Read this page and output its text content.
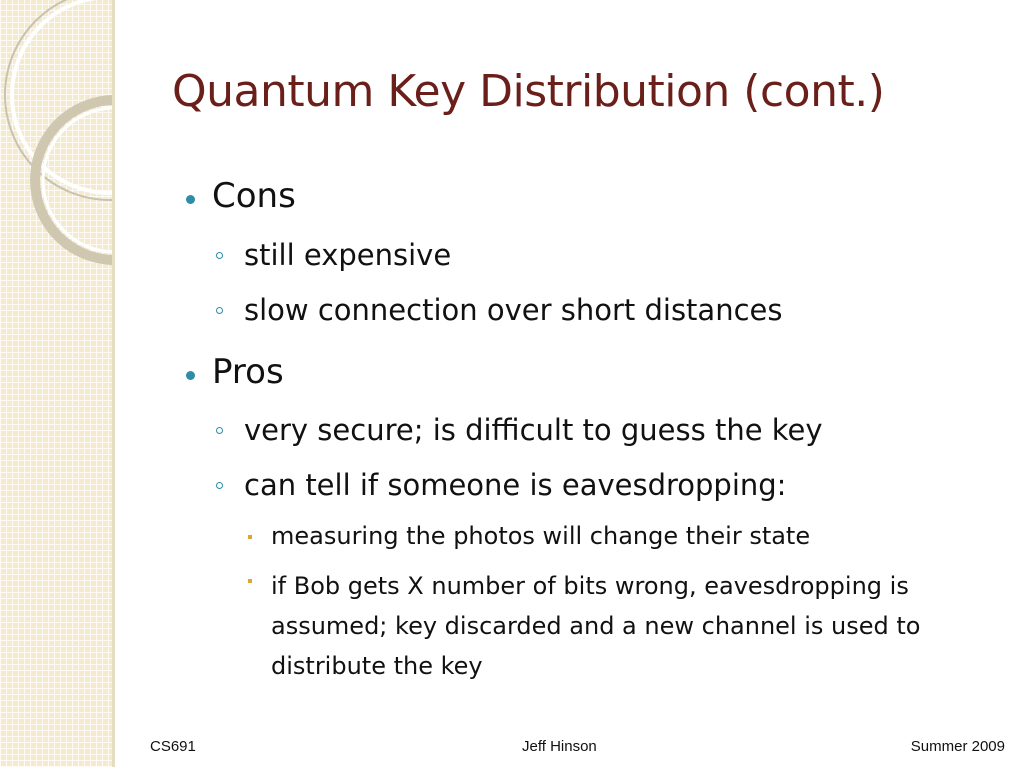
Quantum Key Distribution (cont.)
Cons
still expensive
slow connection over short distances
Pros
very secure; is difficult to guess the key
can tell if someone is eavesdropping:
measuring the photos will change their state
if Bob gets X number of bits wrong, eavesdropping is assumed; key discarded and a new channel is used to distribute the key
CS691	Jeff Hinson	Summer 2009
